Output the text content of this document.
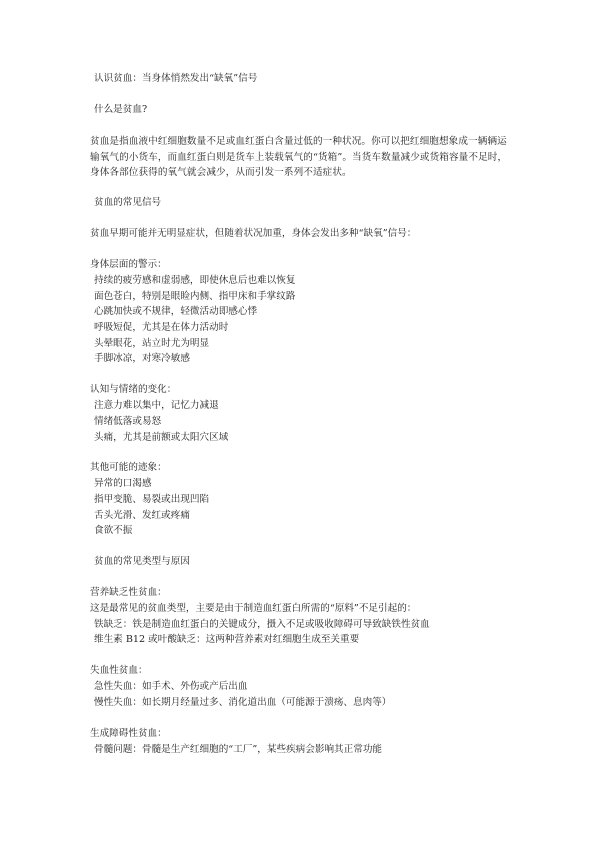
认识贫血：当身体悄然发出“缺氧”信号
什么是贫血?
贫血是指血液中红细胞数量不足或血红蛋白含量过低的一种状况。你可以把红细胞想象成一辆辆运输氧气的小货车，而血红蛋白则是货车上装载氧气的“货箱”。当货车数量减少或货箱容量不足时，身体各部位获得的氧气就会减少，从而引发一系列不适症状。
贫血的常见信号
贫血早期可能并无明显症状，但随着状况加重，身体会发出多种“缺氧”信号：
身体层面的警示：
持续的疲劳感和虚弱感，即使休息后也难以恢复
面色苍白，特别是眼睑内侧、指甲床和手掌纹路
心跳加快或不规律，轻微活动即感心悸
呼吸短促，尤其是在体力活动时
头晕眼花，站立时尤为明显
手脚冰凉，对寒冷敏感
认知与情绪的变化：
注意力难以集中，记忆力减退
情绪低落或易怒
头痛，尤其是前额或太阳穴区域
其他可能的迹象：
异常的口渴感
指甲变脆、易裂或出现凹陷
舌头光滑、发红或疼痛
食欲不振
贫血的常见类型与原因
营养缺乏性贫血：
这是最常见的贫血类型，主要是由于制造血红蛋白所需的“原料”不足引起的：
铁缺乏：铁是制造血红蛋白的关键成分，摄入不足或吸收障碍可导致缺铁性贫血
维生素 B12 或叶酸缺乏：这两种营养素对红细胞生成至关重要
失血性贫血：
急性失血：如手术、外伤或产后出血
慢性失血：如长期月经量过多、消化道出血（可能源于溃疡、息肉等）
生成障碍性贫血：
骨髓问题：骨髓是生产红细胞的“工厂”，某些疾病会影响其正常功能
